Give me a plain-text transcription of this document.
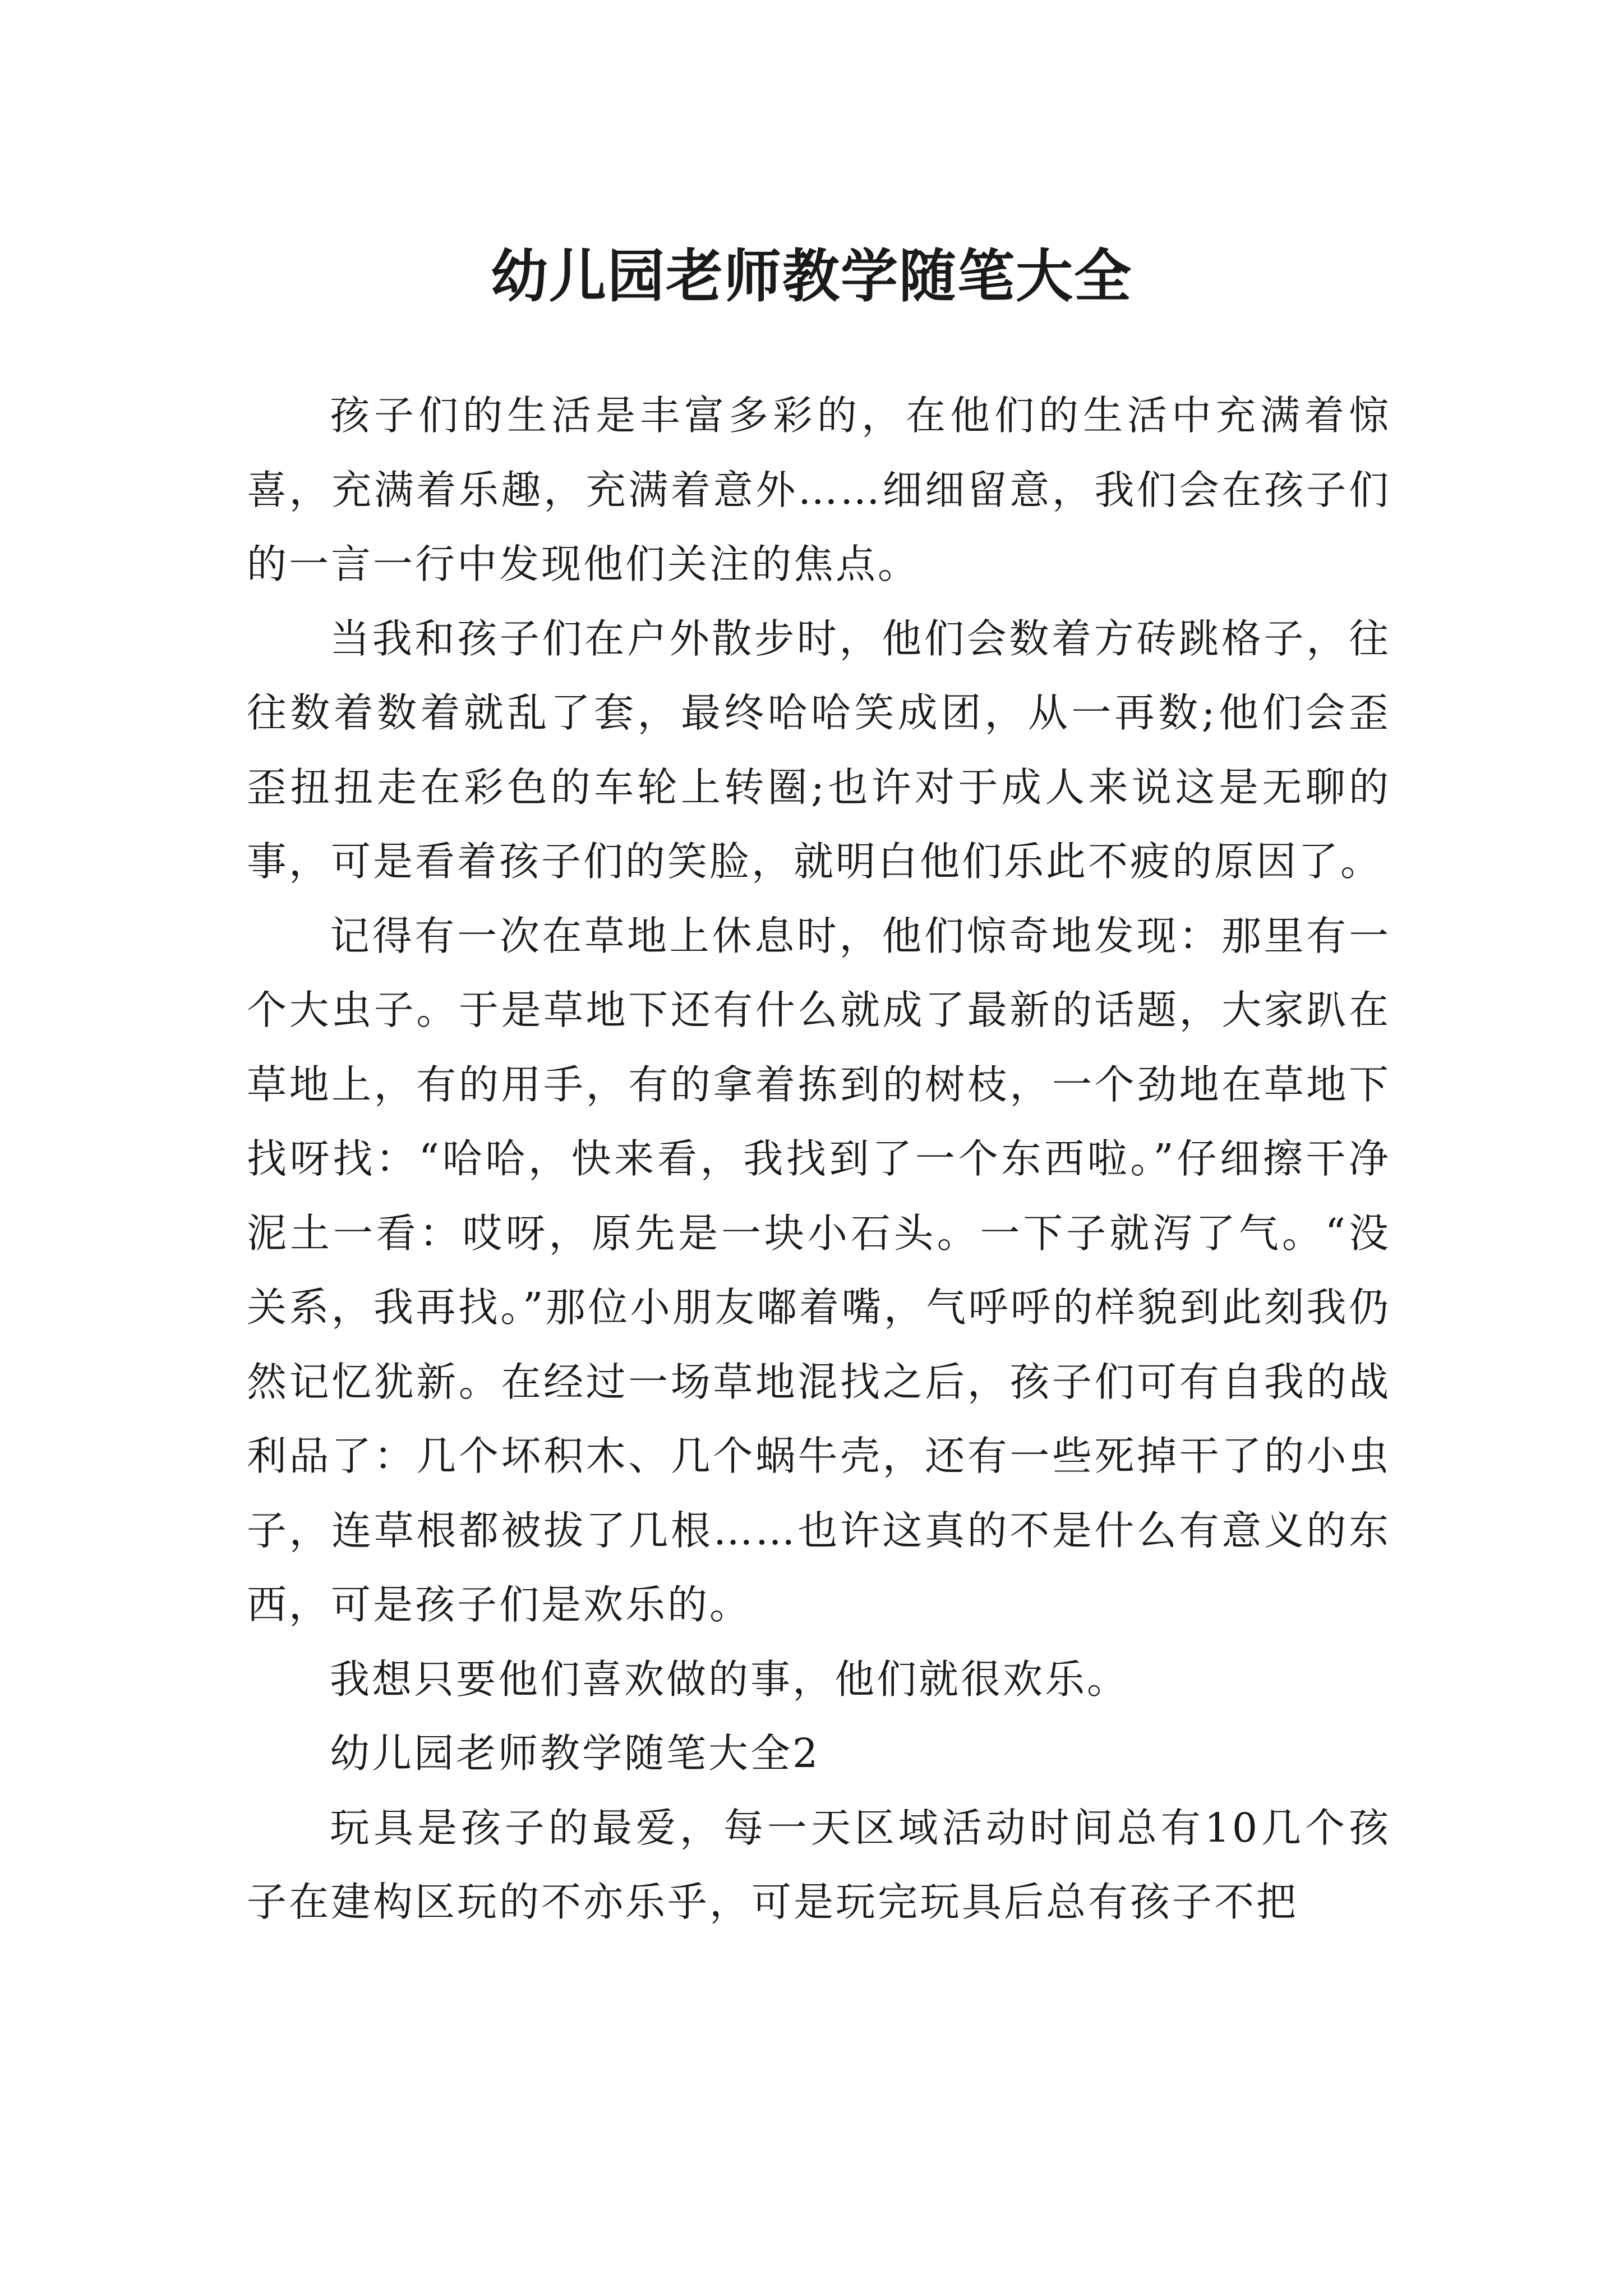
幼儿园老师教学随笔大全

孩子们的生活是丰富多彩的，在他们的生活中充满着惊喜，充满着乐趣，充满着意外……细细留意，我们会在孩子们的一言一行中发现他们关注的焦点。

当我和孩子们在户外散步时，他们会数着方砖跳格子，往往数着数着就乱了套，最终哈哈笑成团，从一再数;他们会歪歪扭扭走在彩色的车轮上转圈;也许对于成人来说这是无聊的事，可是看着孩子们的笑脸，就明白他们乐此不疲的原因了。

记得有一次在草地上休息时，他们惊奇地发现：那里有一个大虫子。于是草地下还有什么就成了最新的话题，大家趴在草地上，有的用手，有的拿着拣到的树枝，一个劲地在草地下找呀找：“哈哈，快来看，我找到了一个东西啦。”仔细擦干净泥土一看：哎呀，原先是一块小石头。一下子就泻了气。“没关系，我再找。”那位小朋友嘟着嘴，气呼呼的样貌到此刻我仍然记忆犹新。在经过一场草地混找之后，孩子们可有自我的战利品了：几个坏积木、几个蜗牛壳，还有一些死掉干了的小虫子，连草根都被拔了几根……也许这真的不是什么有意义的东西，可是孩子们是欢乐的。

我想只要他们喜欢做的事，他们就很欢乐。

幼儿园老师教学随笔大全2

玩具是孩子的最爱，每一天区域活动时间总有10几个孩子在建构区玩的不亦乐乎，可是玩完玩具后总有孩子不把
